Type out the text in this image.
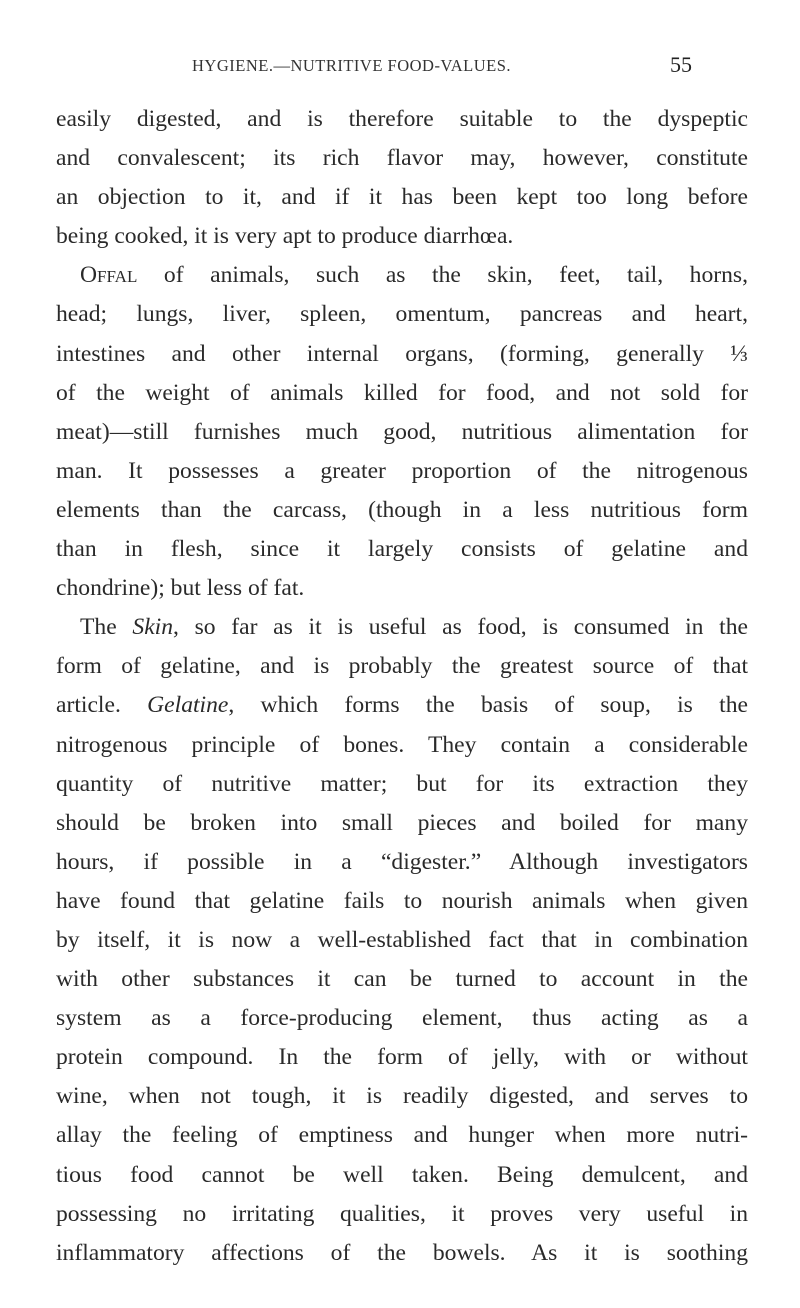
HYGIENE.—NUTRITIVE FOOD-VALUES.	55
easily digested, and is therefore suitable to the dyspeptic
and convalescent; its rich flavor may, however, constitute
an objection to it, and if it has been kept too long before
being cooked, it is very apt to produce diarrhœa.
Offal of animals, such as the skin, feet, tail, horns,
head; lungs, liver, spleen, omentum, pancreas and heart,
intestines and other internal organs, (forming, generally ⅓
of the weight of animals killed for food, and not sold for
meat)—still furnishes much good, nutritious alimentation for
man. It possesses a greater proportion of the nitrogenous
elements than the carcass, (though in a less nutritious form
than in flesh, since it largely consists of gelatine and
chondrine); but less of fat.
The Skin, so far as it is useful as food, is consumed in the
form of gelatine, and is probably the greatest source of that
article. Gelatine, which forms the basis of soup, is the
nitrogenous principle of bones. They contain a considerable
quantity of nutritive matter; but for its extraction they
should be broken into small pieces and boiled for many
hours, if possible in a “digester.” Although investigators
have found that gelatine fails to nourish animals when given
by itself, it is now a well-established fact that in combination
with other substances it can be turned to account in the
system as a force-producing element, thus acting as a
protein compound. In the form of jelly, with or without
wine, when not tough, it is readily digested, and serves to
allay the feeling of emptiness and hunger when more nutri-
tious food cannot be well taken. Being demulcent, and
possessing no irritating qualities, it proves very useful in
inflammatory affections of the bowels. As it is soothing
